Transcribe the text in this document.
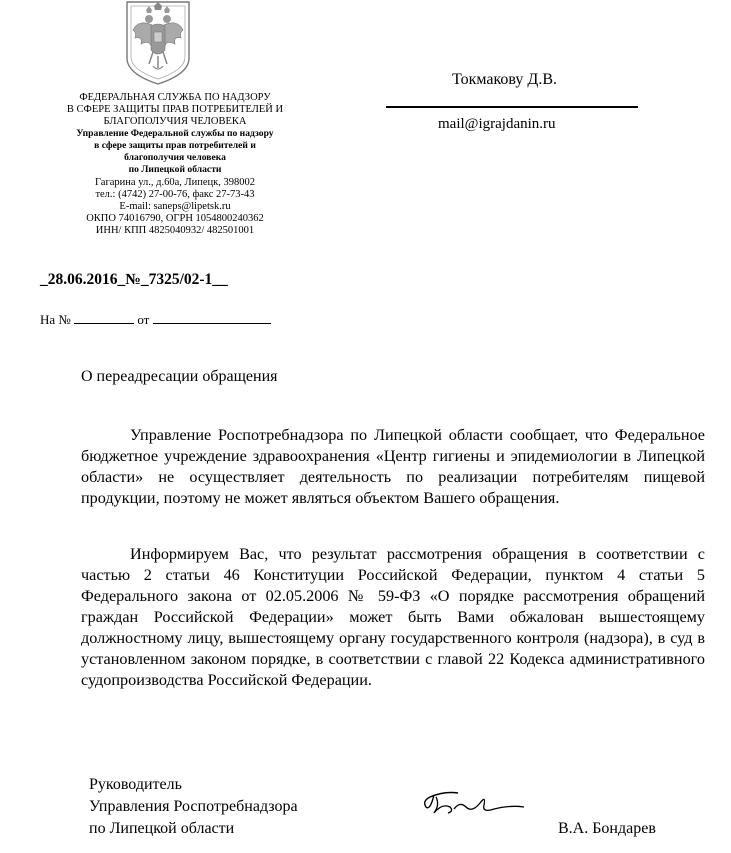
ФЕДЕРАЛЬНАЯ СЛУЖБА ПО НАДЗОРУ
В СФЕРЕ ЗАЩИТЫ ПРАВ ПОТРЕБИТЕЛЕЙ И
БЛАГОПОЛУЧИЯ ЧЕЛОВЕКА
Управление Федеральной службы по надзору
в сфере защиты прав потребителей и
благополучия человека
по Липецкой области
Гагарина ул., д.60а, Липецк, 398002
тел.: (4742) 27-00-76, факс 27-73-43
E-mail: saneps@lipetsk.ru
ОКПО 74016790, ОГРН 1054800240362
ИНН/ КПП 4825040932/ 482501001
_28.06.2016_№_7325/02-1__
На №	от
Токмакову Д.В.
mail@igrajdanin.ru
О переадресации обращения

Управление Роспотребнадзора по Липецкой области сообщает, что Федеральное бюджетное учреждение здравоохранения «Центр гигиены и эпидемиологии в Липецкой области» не осуществляет деятельность по реализации потребителям пищевой продукции, поэтому не может являться объектом Вашего обращения.

Информируем Вас, что результат рассмотрения обращения в соответствии с частью 2 статьи 46 Конституции Российской Федерации, пунктом 4 статьи 5 Федерального закона от 02.05.2006 № 59-ФЗ «О порядке рассмотрения обращений граждан Российской Федерации» может быть Вами обжалован вышестоящему должностному лицу, вышестоящему органу государственного контроля (надзора), в суд в установленном законом порядке, в соответствии с главой 22 Кодекса административного судопроизводства Российской Федерации.

Руководитель
Управления Роспотребнадзора
по Липецкой области	В.А. Бондарев
